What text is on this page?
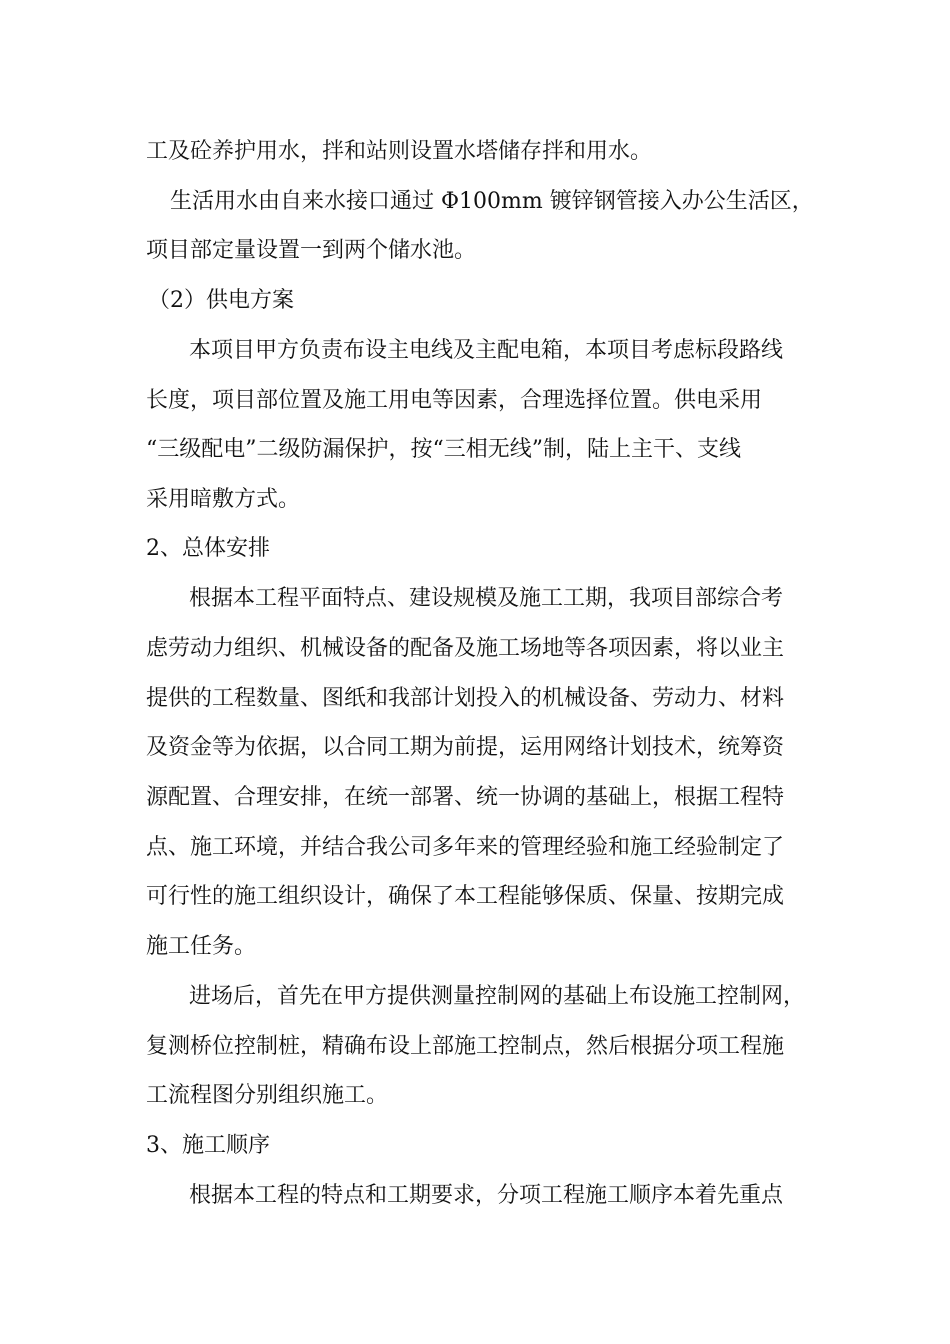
工及砼养护用水，拌和站则设置水塔储存拌和用水。
生活用水由自来水接口通过 Φ100mm 镀锌钢管接入办公生活区，
项目部定量设置一到两个储水池。
（2）供电方案
本项目甲方负责布设主电线及主配电箱，本项目考虑标段路线
长度，项目部位置及施工用电等因素，合理选择位置。供电采用
“三级配电”二级防漏保护，按“三相无线”制，陆上主干、支线
采用暗敷方式。
2、总体安排
根据本工程平面特点、建设规模及施工工期，我项目部综合考
虑劳动力组织、机械设备的配备及施工场地等各项因素，将以业主
提供的工程数量、图纸和我部计划投入的机械设备、劳动力、材料
及资金等为依据，以合同工期为前提，运用网络计划技术，统筹资
源配置、合理安排，在统一部署、统一协调的基础上，根据工程特
点、施工环境，并结合我公司多年来的管理经验和施工经验制定了
可行性的施工组织设计，确保了本工程能够保质、保量、按期完成
施工任务。
进场后，首先在甲方提供测量控制网的基础上布设施工控制网，
复测桥位控制桩，精确布设上部施工控制点，然后根据分项工程施
工流程图分别组织施工。
3、施工顺序
根据本工程的特点和工期要求，分项工程施工顺序本着先重点
